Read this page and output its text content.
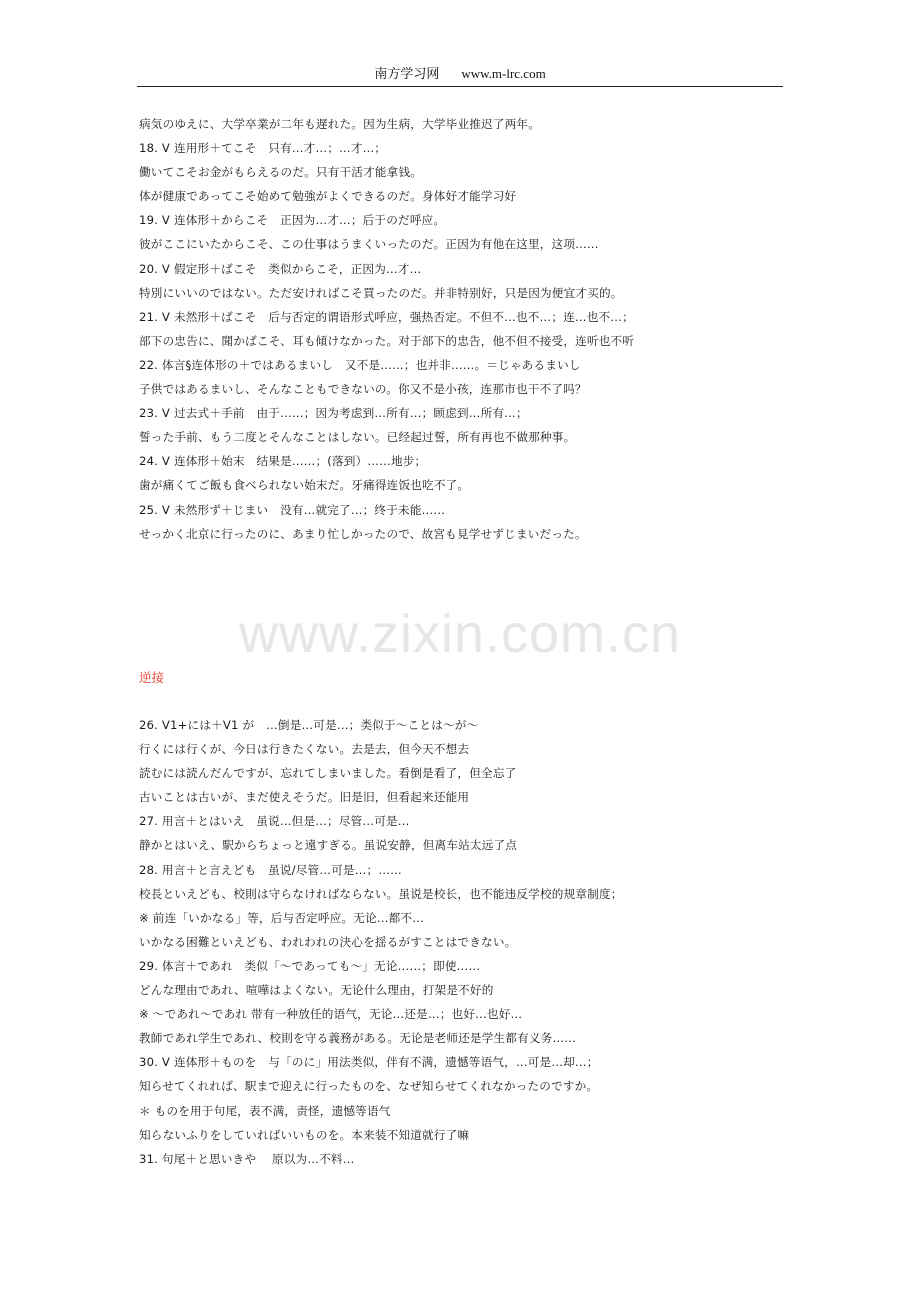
南方学习网 www.m-lrc.com
www.zixin.com.cn
病気のゆえに、大学卒業が二年も遅れた。因为生病，大学毕业推迟了两年。
18. V 连用形＋てこそ　只有…才…；…才…；
働いてこそお金がもらえるのだ。只有干活才能拿钱。
体が健康であってこそ始めて勉強がよくできるのだ。身体好才能学习好
19. V 连体形＋からこそ　正因为…才…；后于のだ呼应。
彼がここにいたからこそ、この仕事はうまくいったのだ。正因为有他在这里，这项……
20. V 假定形＋ばこそ　类似からこそ，正因为…才…
特別にいいのではない。ただ安ければこそ買ったのだ。并非特别好，只是因为便宜才买的。
21. V 未然形＋ばこそ　后与否定的谓语形式呼应，强热否定。不但不…也不…；连…也不…；
部下の忠告に、聞かばこそ、耳も傾けなかった。对于部下的忠告，他不但不接受，连听也不听
22. 体言§连体形の＋ではあるまいし　又不是……；也并非……。＝じゃあるまいし
子供ではあるまいし、そんなこともできないの。你又不是小孩，连那市也干不了吗？
23. V 过去式＋手前　由于……；因为考虑到…所有…；顾虑到…所有…；
誓った手前、もう二度とそんなことはしない。已经起过誓，所有再也不做那种事。
24. V 连体形＋始末　结果是……；(落到）……地步；
歯が痛くてご飯も食べられない始末だ。牙痛得连饭也吃不了。
25. V 未然形ず＋じまい　没有…就完了…；终于未能……
せっかく北京に行ったのに、あまり忙しかったので、故宮も見学せずじまいだった。
逆接
26. V1+には＋V1 が　…倒是…可是…；类似于～ことは～が～
行くには行くが、今日は行きたくない。去是去，但今天不想去
読むには読んだんですが、忘れてしまいました。看倒是看了，但全忘了
古いことは古いが、まだ使えそうだ。旧是旧，但看起来还能用
27. 用言＋とはいえ　虽说…但是…；尽管…可是…
静かとはいえ、駅からちょっと遠すぎる。虽说安静，但离车站太远了点
28. 用言＋と言えども　虽说/尽管…可是…；……
校長といえども、校則は守らなければならない。虽说是校长，也不能违反学校的规章制度；
※ 前连「いかなる」等，后与否定呼应。无论…都不…
いかなる困難といえども、われわれの決心を揺るがすことはできない。
29. 体言＋であれ　类似「～であっても～」无论……；即使……
どんな理由であれ、喧嘩はよくない。无论什么理由，打架是不好的
※ ～であれ～であれ 带有一种放任的语气，无论…还是…；也好…也好…
教師であれ学生であれ、校則を守る義務がある。无论是老师还是学生都有义务……
30. V 连体形＋ものを　与「のに」用法类似，伴有不满，遗憾等语气，…可是…却…；
知らせてくれれば、駅まで迎えに行ったものを、なぜ知らせてくれなかったのですか。
＊ ものを用于句尾，表不满，责怪，遗憾等语气
知らないふりをしていればいいものを。本来装不知道就行了嘛
31. 句尾＋と思いきや　 原以为…不料…
